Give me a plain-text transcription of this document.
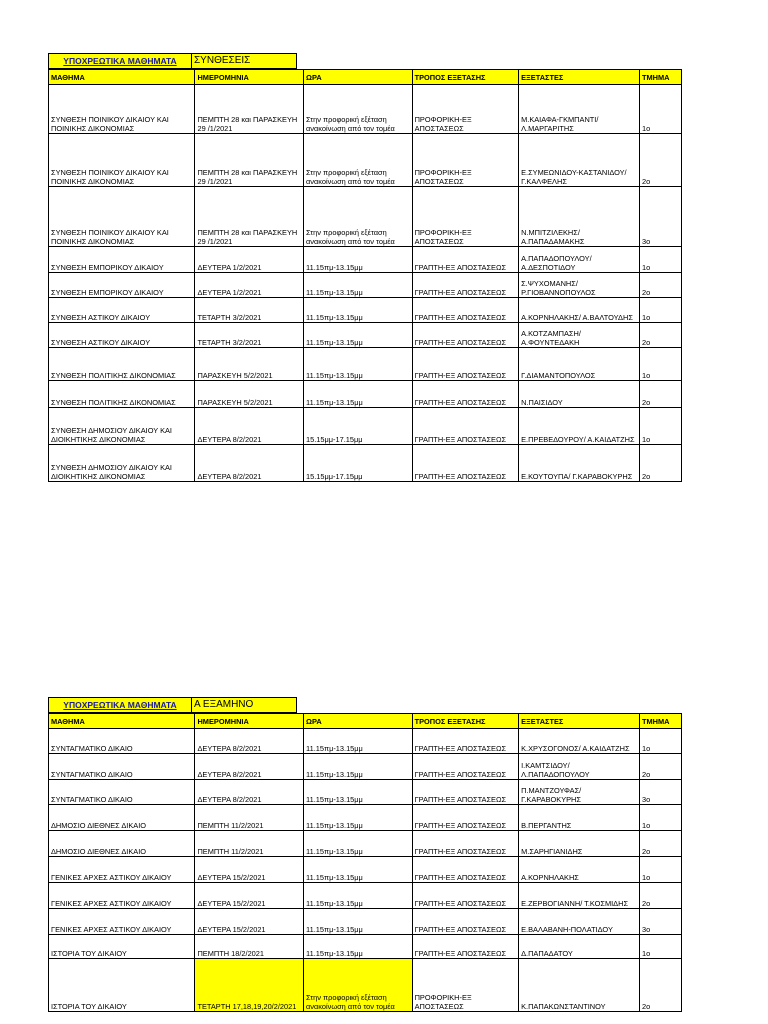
ΥΠΟΧΡΕΩΤΙΚΑ ΜΑΘΗΜΑΤΑ	ΣΥΝΘΕΣΕΙΣ
ΜΑΘΗΜΑ	ΗΜΕΡΟΜΗΝΙΑ	ΩΡΑ	ΤΡΟΠΟΣ ΕΞΕΤΑΣΗΣ	ΕΞΕΤΑΣΤΕΣ	ΤΜΗΜΑ
ΣΥΝΘΕΣΗ ΠΟΙΝΙΚΟΥ ΔΙΚΑΙΟΥ ΚΑΙ ΠΟΙΝΙΚΗΣ ΔΙΚΟΝΟΜΙΑΣ	ΠΕΜΠΤΗ 28 και ΠΑΡΑΣΚΕΥΗ 29 /1/2021	Στην προφορική εξέταση ανακοίνωση από τον τομέα	ΠΡΟΦΟΡΙΚΗ-ΕΞ ΑΠΟΣΤΑΣΕΩΣ	Μ.ΚΑΙΑΦΑ-ΓΚΜΠΑΝΤΙ/ Λ.ΜΑΡΓΑΡΙΤΗΣ	1ο
ΣΥΝΘΕΣΗ ΠΟΙΝΙΚΟΥ ΔΙΚΑΙΟΥ ΚΑΙ ΠΟΙΝΙΚΗΣ ΔΙΚΟΝΟΜΙΑΣ	ΠΕΜΠΤΗ 28 και ΠΑΡΑΣΚΕΥΗ 29 /1/2021	Στην προφορική εξέταση ανακοίνωση από τον τομέα	ΠΡΟΦΟΡΙΚΗ-ΕΞ ΑΠΟΣΤΑΣΕΩΣ	Ε.ΣΥΜΕΩΝΙΔΟΥ-ΚΑΣΤΑΝΙΔΟΥ/Γ.ΚΑΛΦΕΛΗΣ	2ο
ΣΥΝΘΕΣΗ ΠΟΙΝΙΚΟΥ ΔΙΚΑΙΟΥ ΚΑΙ ΠΟΙΝΙΚΗΣ ΔΙΚΟΝΟΜΙΑΣ	ΠΕΜΠΤΗ 28 και ΠΑΡΑΣΚΕΥΗ 29 /1/2021	Στην προφορική εξέταση ανακοίνωση από τον τομέα	ΠΡΟΦΟΡΙΚΗ-ΕΞ ΑΠΟΣΤΑΣΕΩΣ	Ν.ΜΠΙΤΖΙΛΕΚΗΣ/ Α.ΠΑΠΑΔΑΜΑΚΗΣ	3ο
ΣΥΝΘΕΣΗ ΕΜΠΟΡΙΚΟΥ ΔΙΚΑΙΟΥ	ΔΕΥΤΕΡΑ 1/2/2021	11.15πμ-13.15μμ	ΓΡΑΠΤΗ-ΕΞ ΑΠΟΣΤΑΣΕΩΣ	Α.ΠΑΠΑΔΟΠΟΥΛΟΥ/ Α.ΔΕΣΠΟΤΙΔΟΥ	1ο
ΣΥΝΘΕΣΗ ΕΜΠΟΡΙΚΟΥ ΔΙΚΑΙΟΥ	ΔΕΥΤΕΡΑ 1/2/2021	11.15πμ-13.15μμ	ΓΡΑΠΤΗ-ΕΞ ΑΠΟΣΤΑΣΕΩΣ	Σ.ΨΥΧΟΜΑΝΗΣ/ Ρ.ΓΙΟΒΑΝΝΟΠΟΥΛΟΣ	2ο
ΣΥΝΘΕΣΗ ΑΣΤΙΚΟΥ ΔΙΚΑΙΟΥ	ΤΕΤΑΡΤΗ 3/2/2021	11.15πμ-13.15μμ	ΓΡΑΠΤΗ-ΕΞ ΑΠΟΣΤΑΣΕΩΣ	Α.ΚΟΡΝΗΛΑΚΗΣ/ Α.ΒΑΛΤΟΥΔΗΣ	1ο
ΣΥΝΘΕΣΗ ΑΣΤΙΚΟΥ ΔΙΚΑΙΟΥ	ΤΕΤΑΡΤΗ 3/2/2021	11.15πμ-13.15μμ	ΓΡΑΠΤΗ-ΕΞ ΑΠΟΣΤΑΣΕΩΣ	Α.ΚΟΤΖΑΜΠΑΣΗ/ Α.ΦΟΥΝΤΕΔΑΚΗ	2ο
ΣΥΝΘΕΣΗ ΠΟΛΙΤΙΚΗΣ ΔΙΚΟΝΟΜΙΑΣ	ΠΑΡΑΣΚΕΥΗ 5/2/2021	11.15πμ-13.15μμ	ΓΡΑΠΤΗ-ΕΞ ΑΠΟΣΤΑΣΕΩΣ	Γ.ΔΙΑΜΑΝΤΟΠΟΥΛΟΣ	1ο
ΣΥΝΘΕΣΗ ΠΟΛΙΤΙΚΗΣ ΔΙΚΟΝΟΜΙΑΣ	ΠΑΡΑΣΚΕΥΗ 5/2/2021	11.15πμ-13.15μμ	ΓΡΑΠΤΗ-ΕΞ ΑΠΟΣΤΑΣΕΩΣ	Ν.ΠΑΙΣΙΔΟΥ	2ο
ΣΥΝΘΕΣΗ ΔΗΜΟΣΙΟΥ ΔΙΚΑΙΟΥ ΚΑΙ ΔΙΟΙΚΗΤΙΚΗΣ ΔΙΚΟΝΟΜΙΑΣ	ΔΕΥΤΕΡΑ 8/2/2021	15.15μμ-17.15μμ	ΓΡΑΠΤΗ-ΕΞ ΑΠΟΣΤΑΣΕΩΣ	Ε.ΠΡΕΒΕΔΟΥΡΟΥ/ Α.ΚΑΙΔΑΤΖΗΣ	1ο
ΣΥΝΘΕΣΗ ΔΗΜΟΣΙΟΥ ΔΙΚΑΙΟΥ ΚΑΙ ΔΙΟΙΚΗΤΙΚΗΣ ΔΙΚΟΝΟΜΙΑΣ	ΔΕΥΤΕΡΑ 8/2/2021	15.15μμ-17.15μμ	ΓΡΑΠΤΗ-ΕΞ ΑΠΟΣΤΑΣΕΩΣ	Ε.ΚΟΥΤΟΥΠΑ/ Γ.ΚΑΡΑΒΟΚΥΡΗΣ	2ο
ΥΠΟΧΡΕΩΤΙΚΑ ΜΑΘΗΜΑΤΑ	Α ΕΞΑΜΗΝΟ
ΜΑΘΗΜΑ	ΗΜΕΡΟΜΗΝΙΑ	ΩΡΑ	ΤΡΟΠΟΣ ΕΞΕΤΑΣΗΣ	ΕΞΕΤΑΣΤΕΣ	ΤΜΗΜΑ
ΣΥΝΤΑΓΜΑΤΙΚΟ ΔΙΚΑΙΟ	ΔΕΥΤΕΡΑ 8/2/2021	11.15πμ-13.15μμ	ΓΡΑΠΤΗ-ΕΞ ΑΠΟΣΤΑΣΕΩΣ	Κ.ΧΡΥΣΟΓΟΝΟΣ/ Α.ΚΑΙΔΑΤΖΗΣ	1ο
ΣΥΝΤΑΓΜΑΤΙΚΟ ΔΙΚΑΙΟ	ΔΕΥΤΕΡΑ 8/2/2021	11.15πμ-13.15μμ	ΓΡΑΠΤΗ-ΕΞ ΑΠΟΣΤΑΣΕΩΣ	Ι.ΚΑΜΤΣΙΔΟΥ/ Λ.ΠΑΠΑΔΟΠΟΥΛΟΥ	2ο
ΣΥΝΤΑΓΜΑΤΙΚΟ ΔΙΚΑΙΟ	ΔΕΥΤΕΡΑ 8/2/2021	11.15πμ-13.15μμ	ΓΡΑΠΤΗ-ΕΞ ΑΠΟΣΤΑΣΕΩΣ	Π.ΜΑΝΤΖΟΥΦΑΣ/ Γ.ΚΑΡΑΒΟΚΥΡΗΣ	3ο
ΔΗΜΟΣΙΟ ΔΙΕΘΝΕΣ ΔΙΚΑΙΟ	ΠΕΜΠΤΗ 11/2/2021	11.15πμ-13.15μμ	ΓΡΑΠΤΗ-ΕΞ ΑΠΟΣΤΑΣΕΩΣ	Β.ΠΕΡΓΑΝΤΗΣ	1ο
ΔΗΜΟΣΙΟ ΔΙΕΘΝΕΣ ΔΙΚΑΙΟ	ΠΕΜΠΤΗ 11/2/2021	11.15πμ-13.15μμ	ΓΡΑΠΤΗ-ΕΞ ΑΠΟΣΤΑΣΕΩΣ	Μ.ΣΑΡΗΓΙΑΝΙΔΗΣ	2ο
ΓΕΝΙΚΕΣ ΑΡΧΕΣ ΑΣΤΙΚΟΥ ΔΙΚΑΙΟΥ	ΔΕΥΤΕΡΑ 15/2/2021	11.15πμ-13.15μμ	ΓΡΑΠΤΗ-ΕΞ ΑΠΟΣΤΑΣΕΩΣ	Α.ΚΟΡΝΗΛΑΚΗΣ	1ο
ΓΕΝΙΚΕΣ ΑΡΧΕΣ ΑΣΤΙΚΟΥ ΔΙΚΑΙΟΥ	ΔΕΥΤΕΡΑ 15/2/2021	11.15πμ-13.15μμ	ΓΡΑΠΤΗ-ΕΞ ΑΠΟΣΤΑΣΕΩΣ	Ε.ΖΕΡΒΟΓΙΑΝΝΗ/ Τ.ΚΟΣΜΙΔΗΣ	2ο
ΓΕΝΙΚΕΣ ΑΡΧΕΣ ΑΣΤΙΚΟΥ ΔΙΚΑΙΟΥ	ΔΕΥΤΕΡΑ 15/2/2021	11.15πμ-13.15μμ	ΓΡΑΠΤΗ-ΕΞ ΑΠΟΣΤΑΣΕΩΣ	Ε.ΒΑΛΑΒΑΝΗ-ΠΟΛΑΤΙΔΟΥ	3ο
ΙΣΤΟΡΙΑ ΤΟΥ ΔΙΚΑΙΟΥ	ΠΕΜΠΤΗ 18/2/2021	11.15πμ-13.15μμ	ΓΡΑΠΤΗ-ΕΞ ΑΠΟΣΤΑΣΕΩΣ	Δ.ΠΑΠΑΔΑΤΟΥ	1ο
ΙΣΤΟΡΙΑ ΤΟΥ ΔΙΚΑΙΟΥ	ΤΕΤΑΡΤΗ 17,18,19,20/2/2021	Στην προφορική εξέταση ανακοίνωση από τον τομέα	ΠΡΟΦΟΡΙΚΗ-ΕΞ ΑΠΟΣΤΑΣΕΩΣ	Κ.ΠΑΠΑΚΩΝΣΤΑΝΤΙΝΟΥ	2ο
